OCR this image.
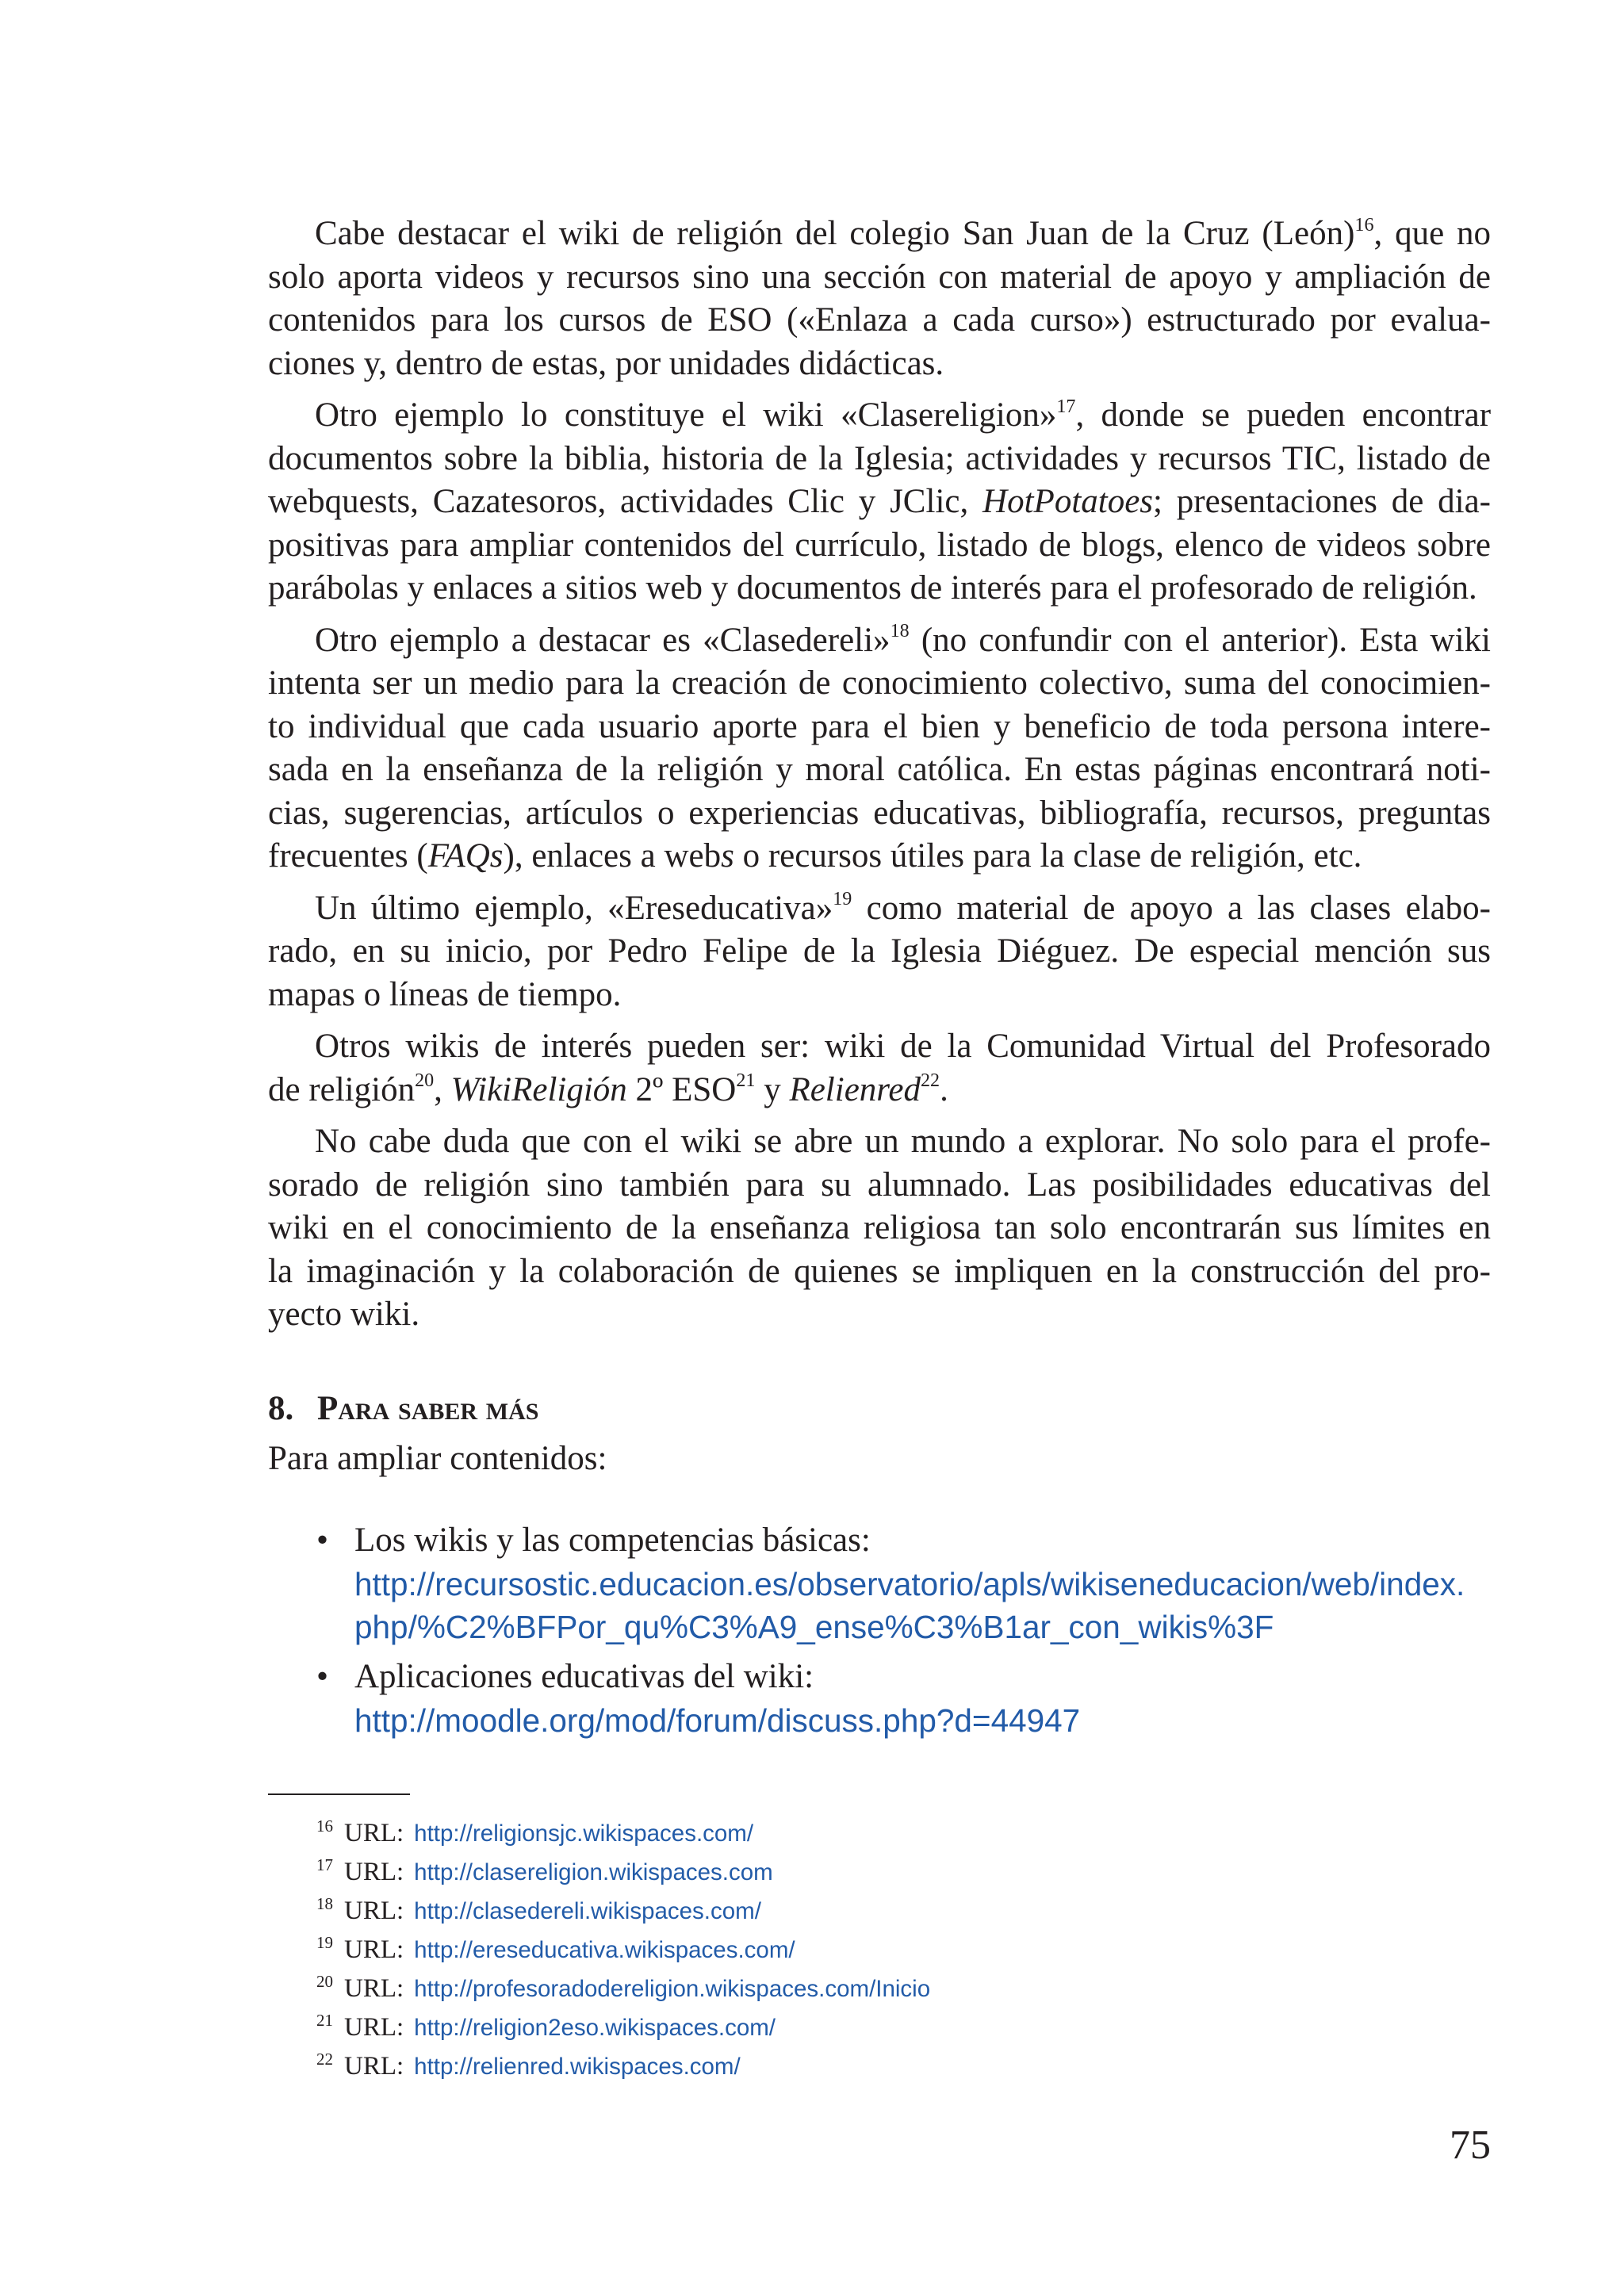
Cabe destacar el wiki de religión del colegio San Juan de la Cruz (León)$^{16}$, que no
solo aporta videos y recursos sino una sección con material de apoyo y ampliación de
contenidos para los cursos de ESO («Enlaza a cada curso») estructurado por evalua-
ciones y, dentro de estas, por unidades didácticas.
Otro ejemplo lo constituye el wiki «Clasereligion»$^{17}$, donde se pueden encontrar
documentos sobre la biblia, historia de la Iglesia; actividades y recursos TIC, listado de
webquests, Cazatesoros, actividades Clic y JClic, HotPotatoes; presentaciones de dia-
positivas para ampliar contenidos del currículo, listado de blogs, elenco de videos sobre
parábolas y enlaces a sitios web y documentos de interés para el profesorado de religión.
Otro ejemplo a destacar es «Clasedereli»$^{18}$ (no confundir con el anterior). Esta wiki
intenta ser un medio para la creación de conocimiento colectivo, suma del conocimien-
to individual que cada usuario aporte para el bien y beneficio de toda persona intere-
sada en la enseñanza de la religión y moral católica. En estas páginas encontrará noti-
cias, sugerencias, artículos o experiencias educativas, bibliografía, recursos, preguntas
frecuentes (FAQs), enlaces a webs o recursos útiles para la clase de religión, etc.
Un último ejemplo, «Ereseducativa»$^{19}$ como material de apoyo a las clases elabo-
rado, en su inicio, por Pedro Felipe de la Iglesia Diéguez. De especial mención sus
mapas o líneas de tiempo.
Otros wikis de interés pueden ser: wiki de la Comunidad Virtual del Profesorado
de religión$^{20}$, WikiReligión 2º ESO$^{21}$ y Relienred$^{22}$.
No cabe duda que con el wiki se abre un mundo a explorar. No solo para el profe-
sorado de religión sino también para su alumnado. Las posibilidades educativas del
wiki en el conocimiento de la enseñanza religiosa tan solo encontrarán sus límites en
la imaginación y la colaboración de quienes se impliquen en la construcción del pro-
yecto wiki.
8. Para saber más
Para ampliar contenidos:
• Los wikis y las competencias básicas:
http://recursostic.educacion.es/observatorio/apls/wikiseneducacion/web/index.
php/%C2%BFPor_qu%C3%A9_ense%C3%B1ar_con_wikis%3F
• Aplicaciones educativas del wiki:
http://moodle.org/mod/forum/discuss.php?d=44947
16 URL: http://religionsjc.wikispaces.com/
17 URL: http://clasereligion.wikispaces.com
18 URL: http://clasedereli.wikispaces.com/
19 URL: http://ereseducativa.wikispaces.com/
20 URL: http://profesoradodereligion.wikispaces.com/Inicio
21 URL: http://religion2eso.wikispaces.com/
22 URL: http://relienred.wikispaces.com/
75
